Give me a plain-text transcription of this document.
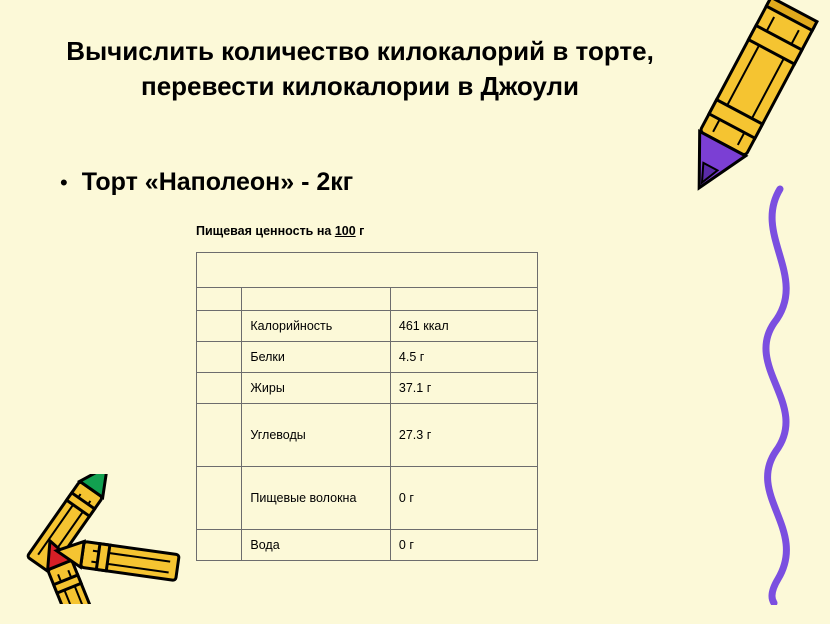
Вычислить количество килокалорий в торте, перевести килокалории в Джоули
• Торт «Наполеон» - 2кг
Пищевая ценность на 100 г

	Калорийность	461 ккал
	Белки	4.5 г
	Жиры	37.1 г
	Углеводы	27.3 г
	Пищевые волокна	0 г
	Вода	0 г
